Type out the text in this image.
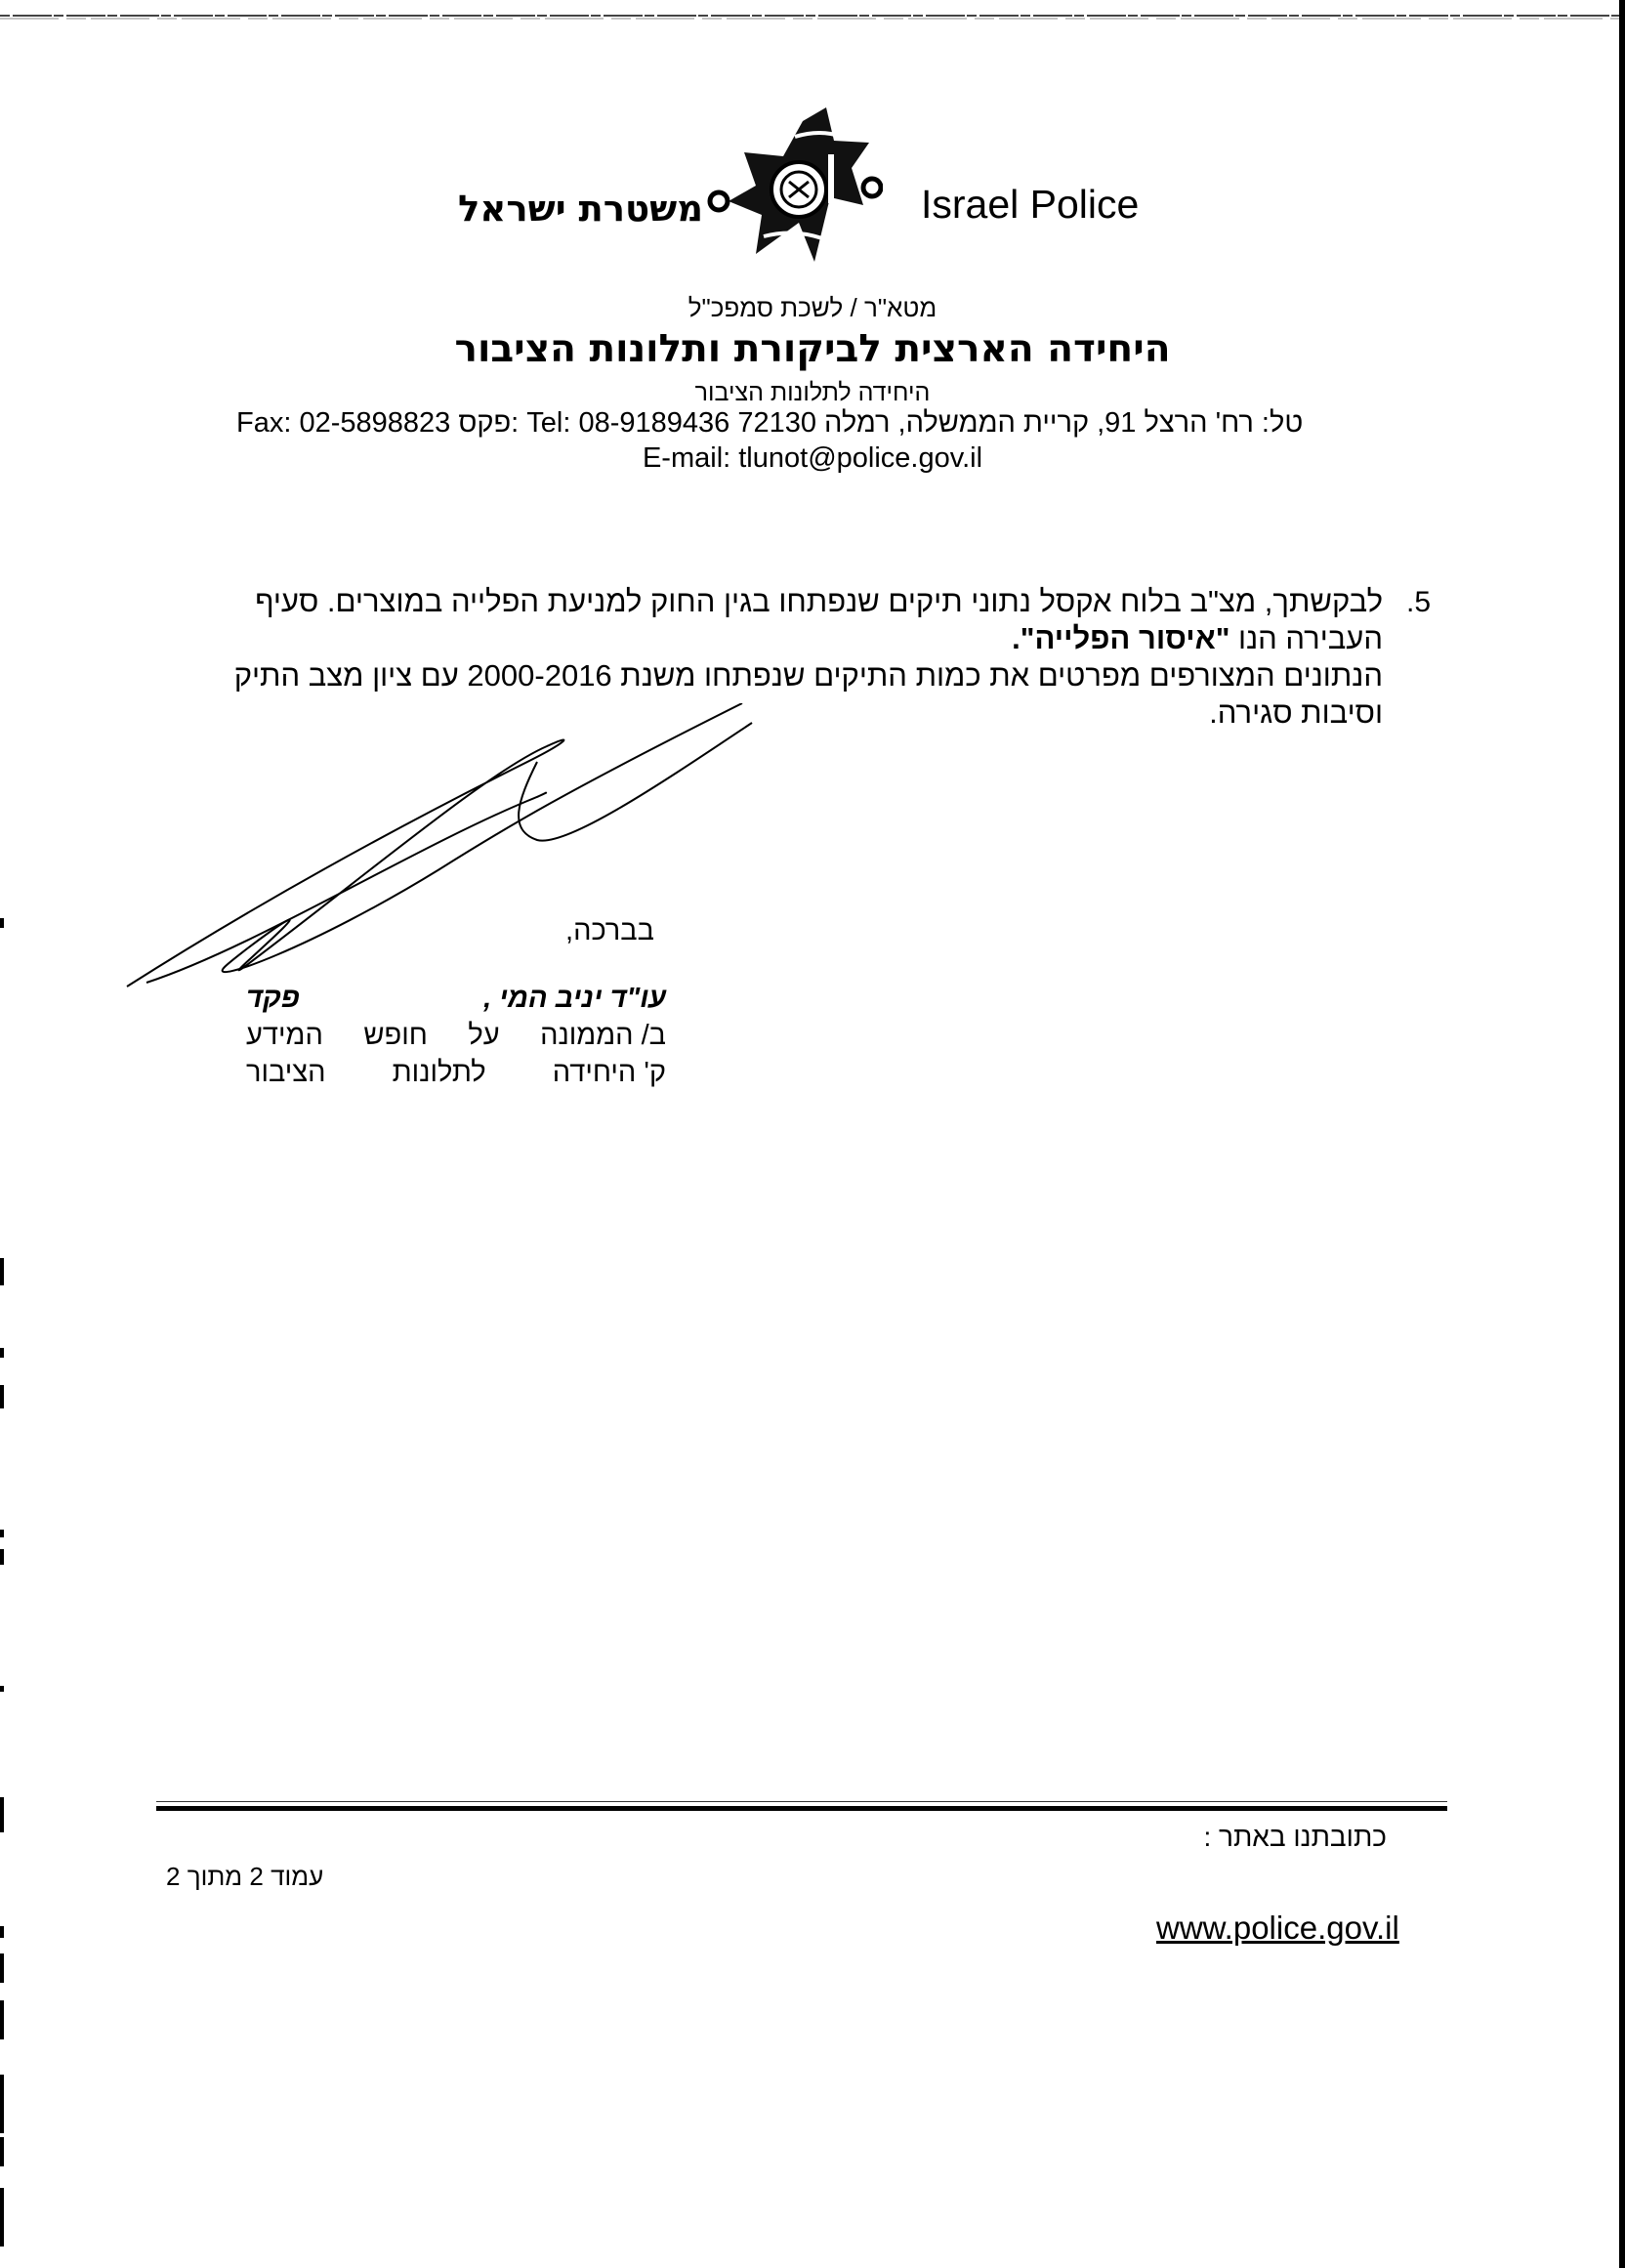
משטרת ישראל	Israel Police
מטא"ר / לשכת סמפכ"ל
היחידה הארצית לביקורת ותלונות הציבור
היחידה לתלונות הציבור
Fax: 02-5898823 פקס: Tel: 08-9189436	טל: רח' הרצל 91, קריית הממשלה, רמלה 72130
E-mail: tlunot@police.gov.il
.5

לבקשתך, מצ"ב בלוח אקסל נתוני תיקים שנפתחו בגין החוק למניעת הפלייה במוצרים. סעיף

העבירה הנו "איסור הפלייה".

הנתונים המצורפים מפרטים את כמות התיקים שנפתחו משנת 2000-2016 עם ציון מצב התיק

וסיבות סגירה.

בברכה,
עו"ד יניב המי ,
פקד
ב/ הממונה
על
חופש
המידע
ק' היחידה
לתלונות
הציבור
כתובתנו באתר :
עמוד 2 מתוך 2
www.police.gov.il
